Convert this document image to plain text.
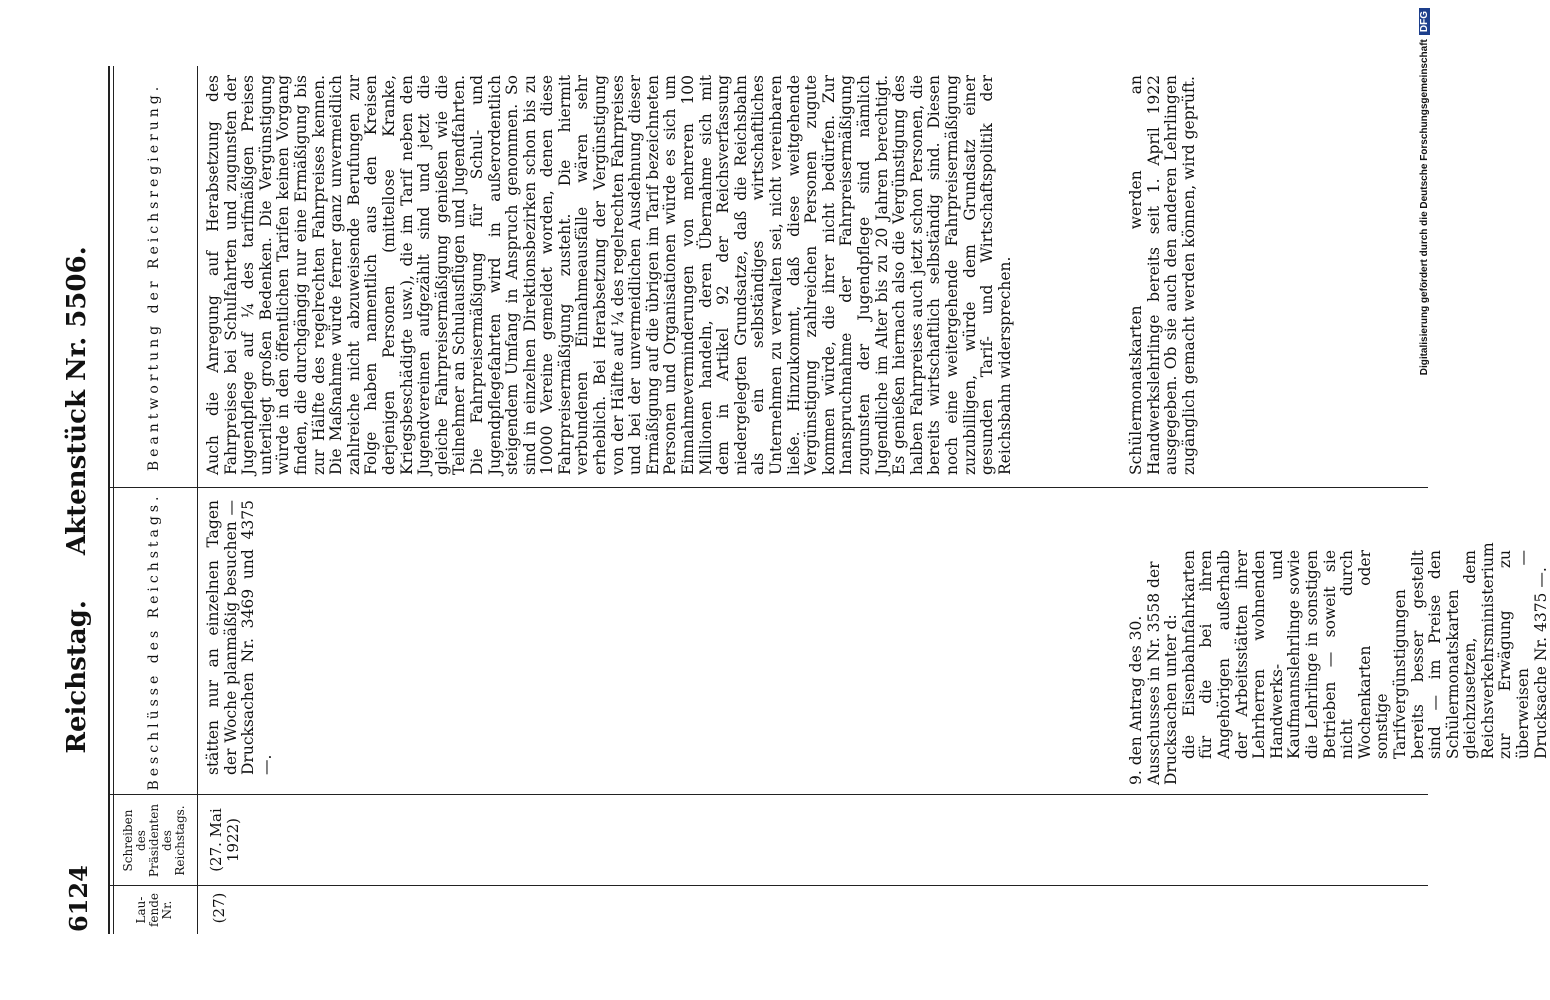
6124
Reichstag. Aktenstück Nr. 5506.
Lau-
fende
Nr.
Schreiben
des
Präsidenten
des
Reichstags.
Beschlüsse des Reichstags.
Beantwortung der Reichsregierung.
(27)
(27. Mai
1922)
stätten nur an einzelnen Tagen der Woche planmäßig besuchen — Drucksachen Nr. 3469 und 4375 —.
Auch die Anregung auf Herabsetzung des Fahrpreises bei Schulfahrten und zugunsten der Jugendpflege auf ¼ des tarifmäßigen Preises unterliegt großen Bedenken. Die Vergünstigung würde in den öffentlichen Tarifen keinen Vorgang finden, die durchgängig nur eine Ermäßigung bis zur Hälfte des regelrechten Fahrpreises kennen. Die Maßnahme würde ferner ganz unvermeidlich zahlreiche nicht abzuweisende Berufungen zur Folge haben namentlich aus den Kreisen derjenigen Personen (mittellose Kranke, Kriegsbeschädigte usw.), die im Tarif neben den Jugendvereinen aufgezählt sind und jetzt die gleiche Fahrpreisermäßigung genießen wie die Teilnehmer an Schulausflügen und Jugendfahrten. Die Fahrpreisermäßigung für Schul- und Jugendpflegefahrten wird in außerordentlich steigendem Umfang in Anspruch genommen. So sind in einzelnen Direktionsbezirken schon bis zu 10000 Vereine gemeldet worden, denen diese Fahrpreisermäßigung zusteht. Die hiermit verbundenen Einnahmeausfälle wären sehr erheblich. Bei Herabsetzung der Vergünstigung von der Hälfte auf ¼ des regelrechten Fahrpreises und bei der unvermeidlichen Ausdehnung dieser Ermäßigung auf die übrigen im Tarif bezeichneten Personen und Organisationen würde es sich um Einnahmeverminderungen von mehreren 100 Millionen handeln, deren Übernahme sich mit dem in Artikel 92 der Reichsverfassung niedergelegten Grundsatze, daß die Reichsbahn als ein selbständiges wirtschaftliches Unternehmen zu verwalten sei, nicht vereinbaren ließe. Hinzukommt, daß diese weitgehende Vergünstigung zahlreichen Personen zugute kommen würde, die ihrer nicht bedürfen. Zur Inanspruchnahme der Fahrpreisermäßigung zugunsten der Jugendpflege sind nämlich Jugendliche im Alter bis zu 20 Jahren berechtigt. Es genießen hiernach also die Vergünstigung des halben Fahrpreises auch jetzt schon Personen, die bereits wirtschaftlich selbständig sind. Diesen noch eine weitergehende Fahrpreisermäßigung zuzubilligen, würde dem Grundsatz einer gesunden Tarif- und Wirtschaftspolitik der Reichsbahn widersprechen.

9. den Antrag des 30. Ausschusses in Nr. 3558 der Drucksachen unter d: die Eisenbahnfahrkarten für die bei ihren Angehörigen außerhalb der Arbeitsstätten ihrer Lehrherren wohnenden Handwerks- und Kaufmannslehrlinge sowie die Lehrlinge in sonstigen Betrieben — soweit sie nicht durch Wochenkarten oder sonstige Tarifvergünstigungen bereits besser gestellt sind — im Preise den Schülermonatskarten gleichzusetzen, dem Reichsverkehrsministerium zur Erwägung zu überweisen — Drucksache Nr. 4375 —.

Schülermonatskarten werden an Handwerkslehrlinge bereits seit 1. April 1922 ausgegeben. Ob sie auch den anderen Lehrlingen zugänglich gemacht werden können, wird geprüft.	Digitalisierung gefördert durch die Deutsche Forschungsgemeinschaft
DFG
